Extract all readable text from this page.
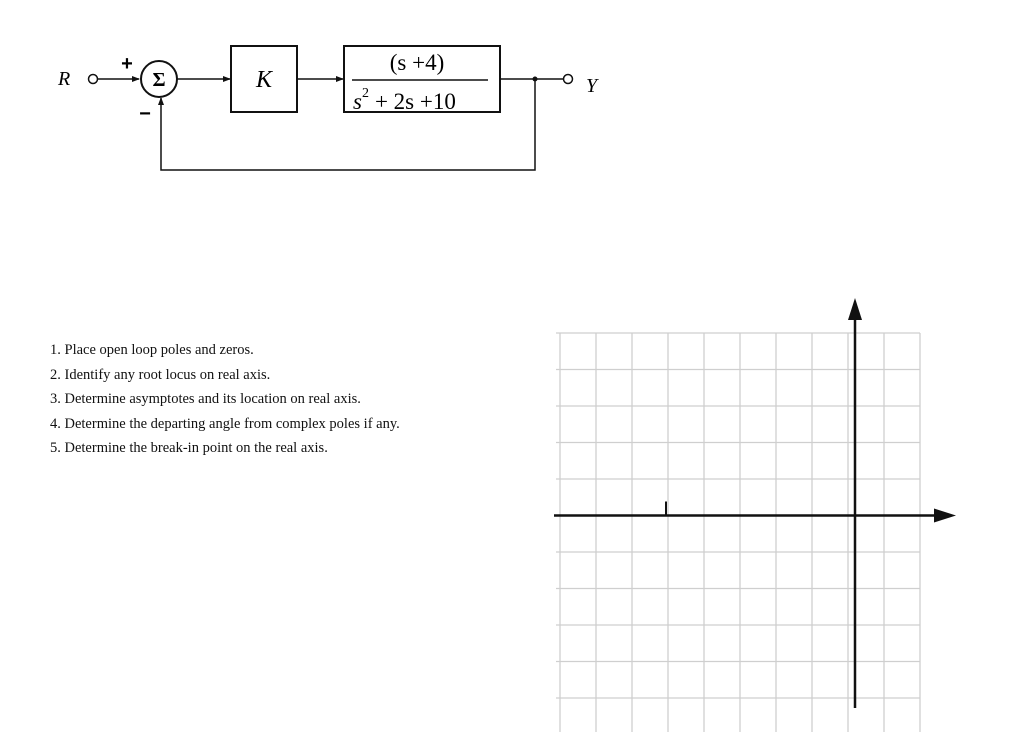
R	Σ
+
−
K
(s +4)
$s^2 + 2s +10$
Y
1. Place open loop poles and zeros.
2. Identify any root locus on real axis.
3. Determine asymptotes and its location on real axis.
4. Determine the departing angle from complex poles if any.
5. Determine the break-in point on the real axis.
